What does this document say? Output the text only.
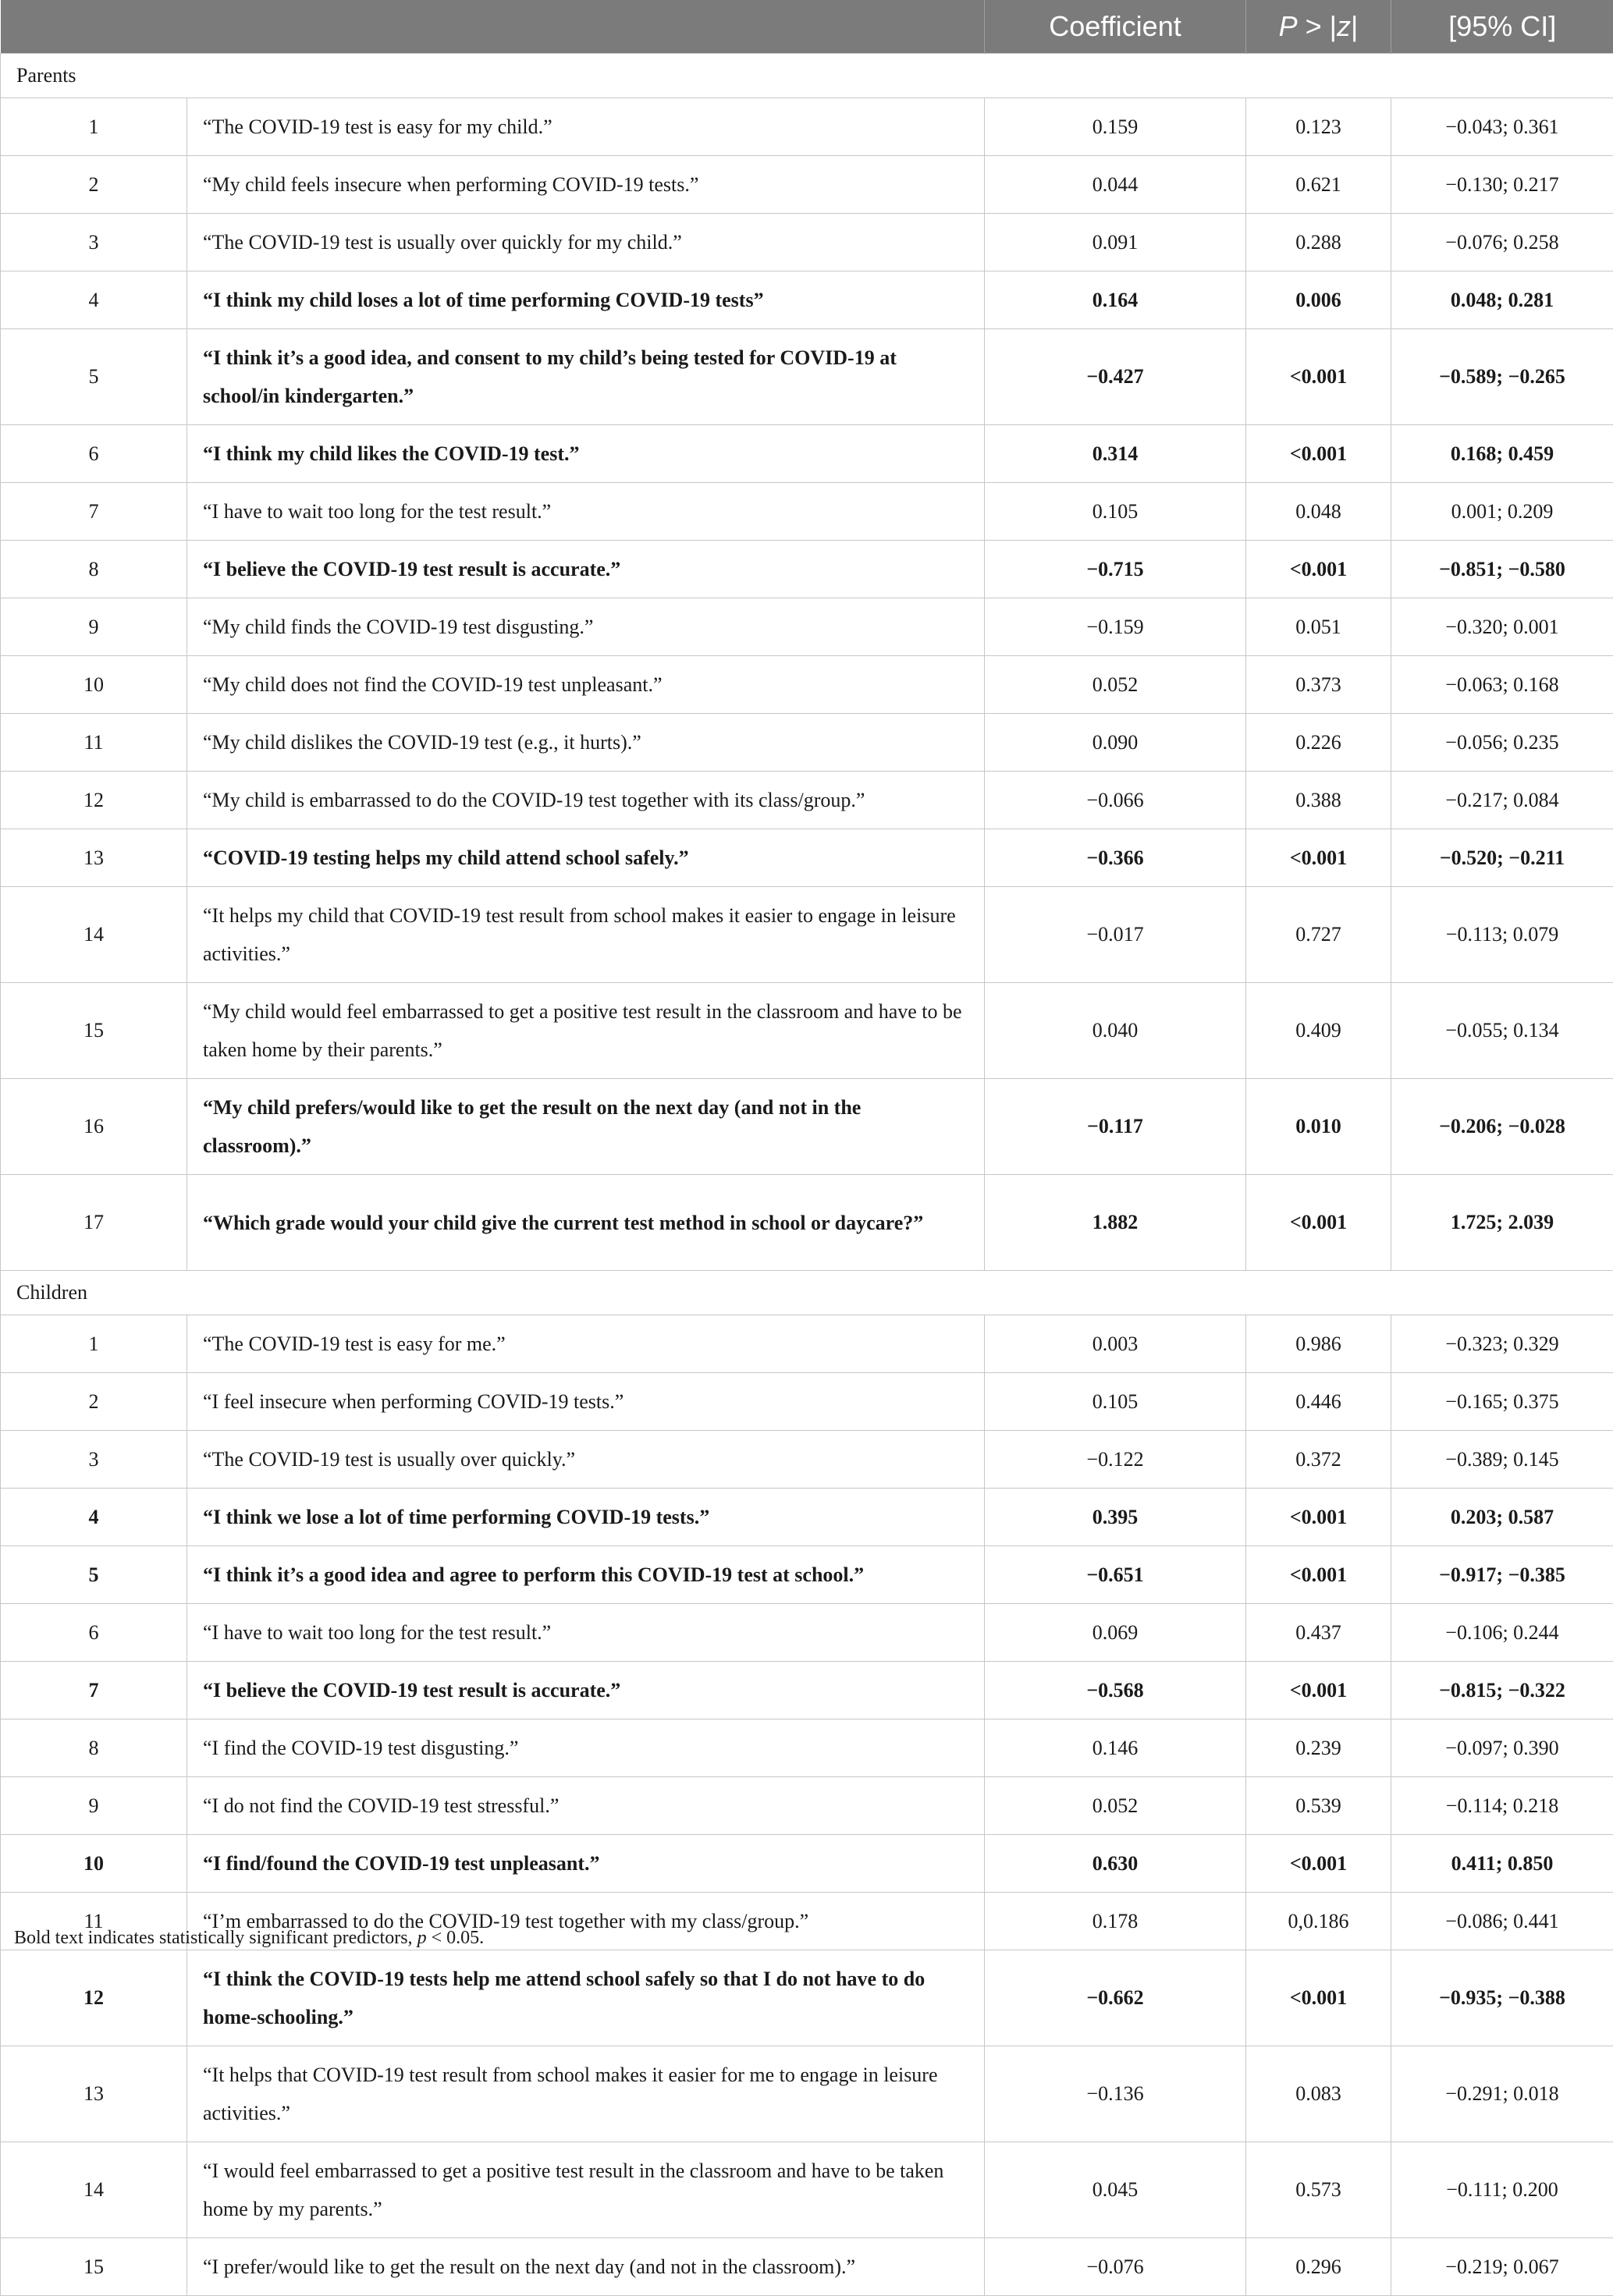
		Coefficient	P > |z|	[95% CI]
Parents				
1	“The COVID-19 test is easy for my child.”	0.159	0.123	−0.043; 0.361
2	“My child feels insecure when performing COVID-19 tests.”	0.044	0.621	−0.130; 0.217
3	“The COVID-19 test is usually over quickly for my child.”	0.091	0.288	−0.076; 0.258
4	“I think my child loses a lot of time performing COVID-19 tests”	0.164	0.006	0.048; 0.281
5	“I think it’s a good idea, and consent to my child’s being tested for COVID-19 at school/in kindergarten.”	−0.427	<0.001	−0.589; −0.265
6	“I think my child likes the COVID-19 test.”	0.314	<0.001	0.168; 0.459
7	“I have to wait too long for the test result.”	0.105	0.048	0.001; 0.209
8	“I believe the COVID-19 test result is accurate.”	−0.715	<0.001	−0.851; −0.580
9	“My child finds the COVID-19 test disgusting.”	−0.159	0.051	−0.320; 0.001
10	“My child does not find the COVID-19 test unpleasant.”	0.052	0.373	−0.063; 0.168
11	“My child dislikes the COVID-19 test (e.g., it hurts).”	0.090	0.226	−0.056; 0.235
12	“My child is embarrassed to do the COVID-19 test together with its class/group.”	−0.066	0.388	−0.217; 0.084
13	“COVID-19 testing helps my child attend school safely.”	−0.366	<0.001	−0.520; −0.211
14	“It helps my child that COVID-19 test result from school makes it easier to engage in leisure activities.”	−0.017	0.727	−0.113; 0.079
15	“My child would feel embarrassed to get a positive test result in the classroom and have to be taken home by their parents.”	0.040	0.409	−0.055; 0.134
16	“My child prefers/would like to get the result on the next day (and not in the classroom).”	−0.117	0.010	−0.206; −0.028
17	“Which grade would your child give the current test method in school or daycare?”	1.882	<0.001	1.725; 2.039
Children				
1	“The COVID-19 test is easy for me.”	0.003	0.986	−0.323; 0.329
2	“I feel insecure when performing COVID-19 tests.”	0.105	0.446	−0.165; 0.375
3	“The COVID-19 test is usually over quickly.”	−0.122	0.372	−0.389; 0.145
4	“I think we lose a lot of time performing COVID-19 tests.”	0.395	<0.001	0.203; 0.587
5	“I think it’s a good idea and agree to perform this COVID-19 test at school.”	−0.651	<0.001	−0.917; −0.385
6	“I have to wait too long for the test result.”	0.069	0.437	−0.106; 0.244
7	“I believe the COVID-19 test result is accurate.”	−0.568	<0.001	−0.815; −0.322
8	“I find the COVID-19 test disgusting.”	0.146	0.239	−0.097; 0.390
9	“I do not find the COVID-19 test stressful.”	0.052	0.539	−0.114; 0.218
10	“I find/found the COVID-19 test unpleasant.”	0.630	<0.001	0.411; 0.850
11	“I’m embarrassed to do the COVID-19 test together with my class/group.”	0.178	0,0.186	−0.086; 0.441
12	“I think the COVID-19 tests help me attend school safely so that I do not have to do home-schooling.”	−0.662	<0.001	−0.935; −0.388
13	“It helps that COVID-19 test result from school makes it easier for me to engage in leisure activities.”	−0.136	0.083	−0.291; 0.018
14	“I would feel embarrassed to get a positive test result in the classroom and have to be taken home by my parents.”	0.045	0.573	−0.111; 0.200
15	“I prefer/would like to get the result on the next day (and not in the classroom).”	−0.076	0.296	−0.219; 0.067
Bold text indicates statistically significant predictors, p < 0.05.
